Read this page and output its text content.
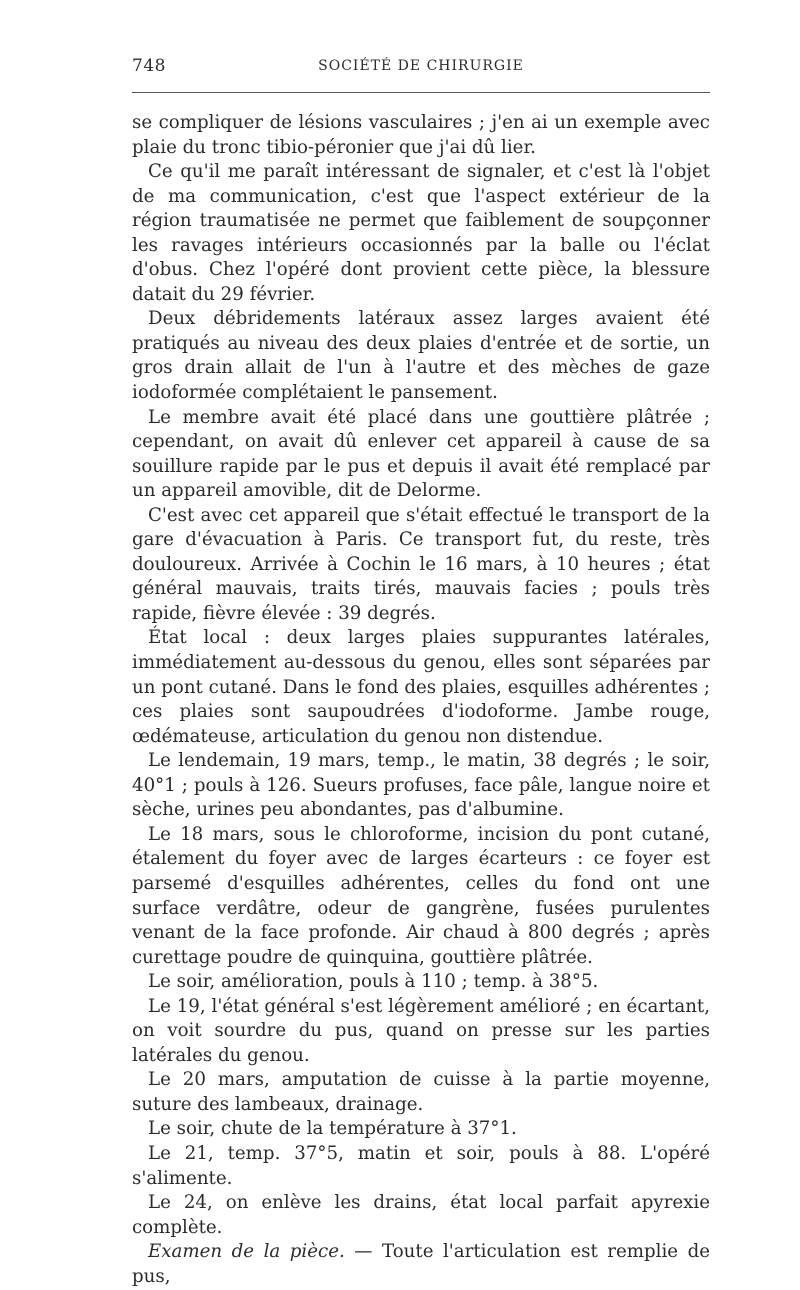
748	SOCIÉTÉ DE CHIRURGIE

se compliquer de lésions vasculaires ; j'en ai un exemple avec plaie du tronc tibio-péronier que j'ai dû lier.

Ce qu'il me paraît intéressant de signaler, et c'est là l'objet de ma communication, c'est que l'aspect extérieur de la région traumatisée ne permet que faiblement de soupçonner les ravages intérieurs occasionnés par la balle ou l'éclat d'obus. Chez l'opéré dont provient cette pièce, la blessure datait du 29 février.

Deux débridements latéraux assez larges avaient été pratiqués au niveau des deux plaies d'entrée et de sortie, un gros drain allait de l'un à l'autre et des mèches de gaze iodoformée complétaient le pansement.

Le membre avait été placé dans une gouttière plâtrée ; cependant, on avait dû enlever cet appareil à cause de sa souillure rapide par le pus et depuis il avait été remplacé par un appareil amovible, dit de Delorme.

C'est avec cet appareil que s'était effectué le transport de la gare d'évacuation à Paris. Ce transport fut, du reste, très douloureux. Arrivée à Cochin le 16 mars, à 10 heures ; état général mauvais, traits tirés, mauvais facies ; pouls très rapide, fièvre élevée : 39 degrés.

État local : deux larges plaies suppurantes latérales, immédiatement au-dessous du genou, elles sont séparées par un pont cutané. Dans le fond des plaies, esquilles adhérentes ; ces plaies sont saupoudrées d'iodoforme. Jambe rouge, œdémateuse, articulation du genou non distendue.

Le lendemain, 19 mars, temp., le matin, 38 degrés ; le soir, 40°1 ; pouls à 126. Sueurs profuses, face pâle, langue noire et sèche, urines peu abondantes, pas d'albumine.

Le 18 mars, sous le chloroforme, incision du pont cutané, étalement du foyer avec de larges écarteurs : ce foyer est parsemé d'esquilles adhérentes, celles du fond ont une surface verdâtre, odeur de gangrène, fusées purulentes venant de la face profonde. Air chaud à 800 degrés ; après curettage poudre de quinquina, gouttière plâtrée.

Le soir, amélioration, pouls à 110 ; temp. à 38°5.

Le 19, l'état général s'est légèrement amélioré ; en écartant, on voit sourdre du pus, quand on presse sur les parties latérales du genou.

Le 20 mars, amputation de cuisse à la partie moyenne, suture des lambeaux, drainage.

Le soir, chute de la température à 37°1.

Le 21, temp. 37°5, matin et soir, pouls à 88. L'opéré s'alimente.

Le 24, on enlève les drains, état local parfait apyrexie complète.

Examen de la pièce. — Toute l'articulation est remplie de pus,
